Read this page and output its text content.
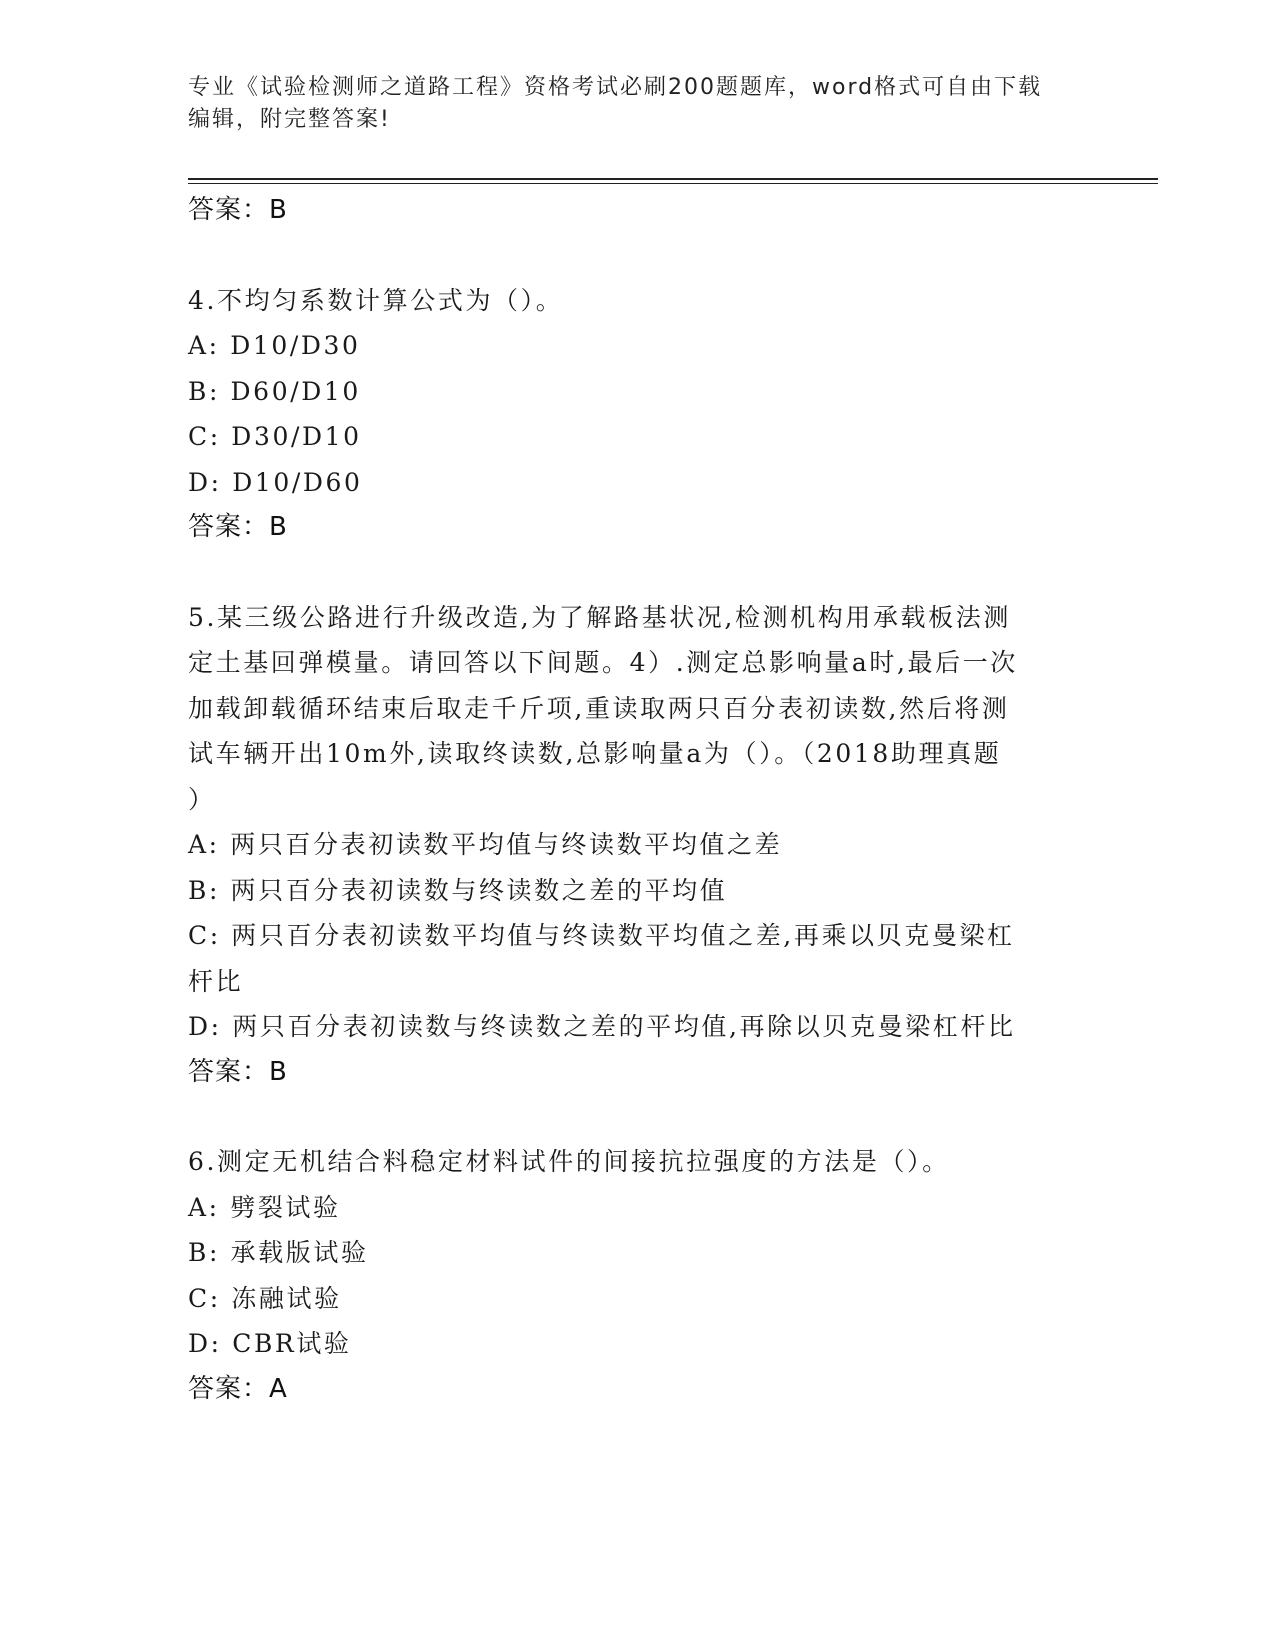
专业《试验检测师之道路工程》资格考试必刷200题题库，word格式可自由下载
编辑，附完整答案!
答案：B
4.不均匀系数计算公式为（）。
A: D10/D30
B: D60/D10
C: D30/D10
D: D10/D60
答案：B
5.某三级公路进行升级改造,为了解路基状况,检测机构用承载板法测
定土基回弹模量。请回答以下间题。4）.测定总影响量a时,最后一次
加载卸载循环结束后取走千斤项,重读取两只百分表初读数,然后将测
试车辆开出10m外,读取终读数,总影响量a为（）。（2018助理真题
）
A: 两只百分表初读数平均值与终读数平均值之差
B: 两只百分表初读数与终读数之差的平均值
C: 两只百分表初读数平均值与终读数平均值之差,再乘以贝克曼梁杠
杆比
D: 两只百分表初读数与终读数之差的平均值,再除以贝克曼梁杠杆比
答案：B
6.测定无机结合料稳定材料试件的间接抗拉强度的方法是（）。
A: 劈裂试验
B: 承载版试验
C: 冻融试验
D: CBR试验
答案：A
